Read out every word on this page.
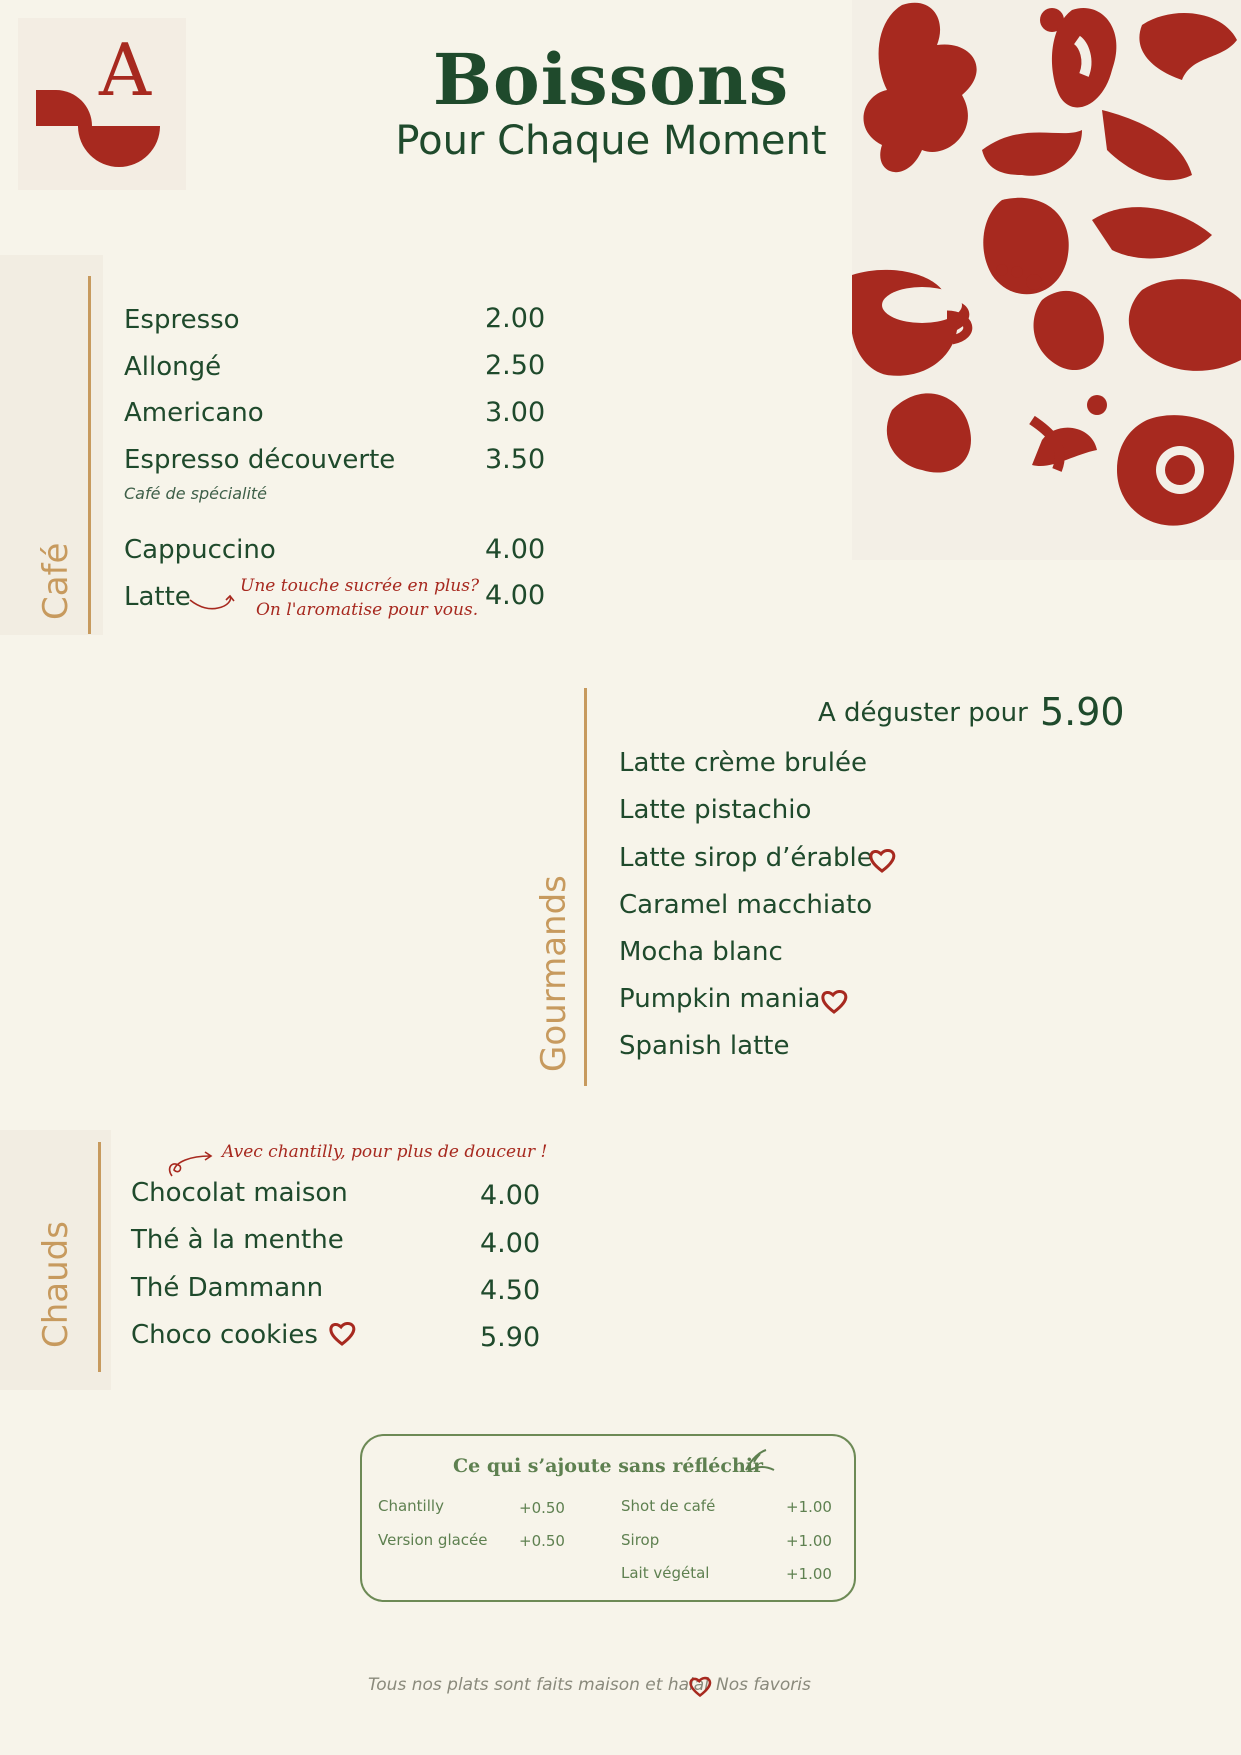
A	Boissons
Pour Chaque Moment
Café
Espresso	2.00
Allongé	2.50
Americano	3.00
Espresso découverte	3.50
Café de spécialité
Cappuccino	4.00
Latte	4.00
Une touche sucrée en plus?
On l'aromatise pour vous.
Gourmands
A déguster pour 5.90
Latte crème brulée
Latte pistachio
Latte sirop d’érable
Caramel macchiato
Mocha blanc
Pumpkin mania
Spanish latte
Chauds
Avec chantilly, pour plus de douceur !
Chocolat maison	4.00
Thé à la menthe	4.00
Thé Dammann	4.50
Choco cookies	5.90
Ce qui s’ajoute sans réfléchir
Chantilly	+0.50
Version glacée +0.50
Shot de café	+1.00
Sirop	+1.00
Lait végétal	+1.00
Tous nos plats sont faits maison et halal Nos favoris
